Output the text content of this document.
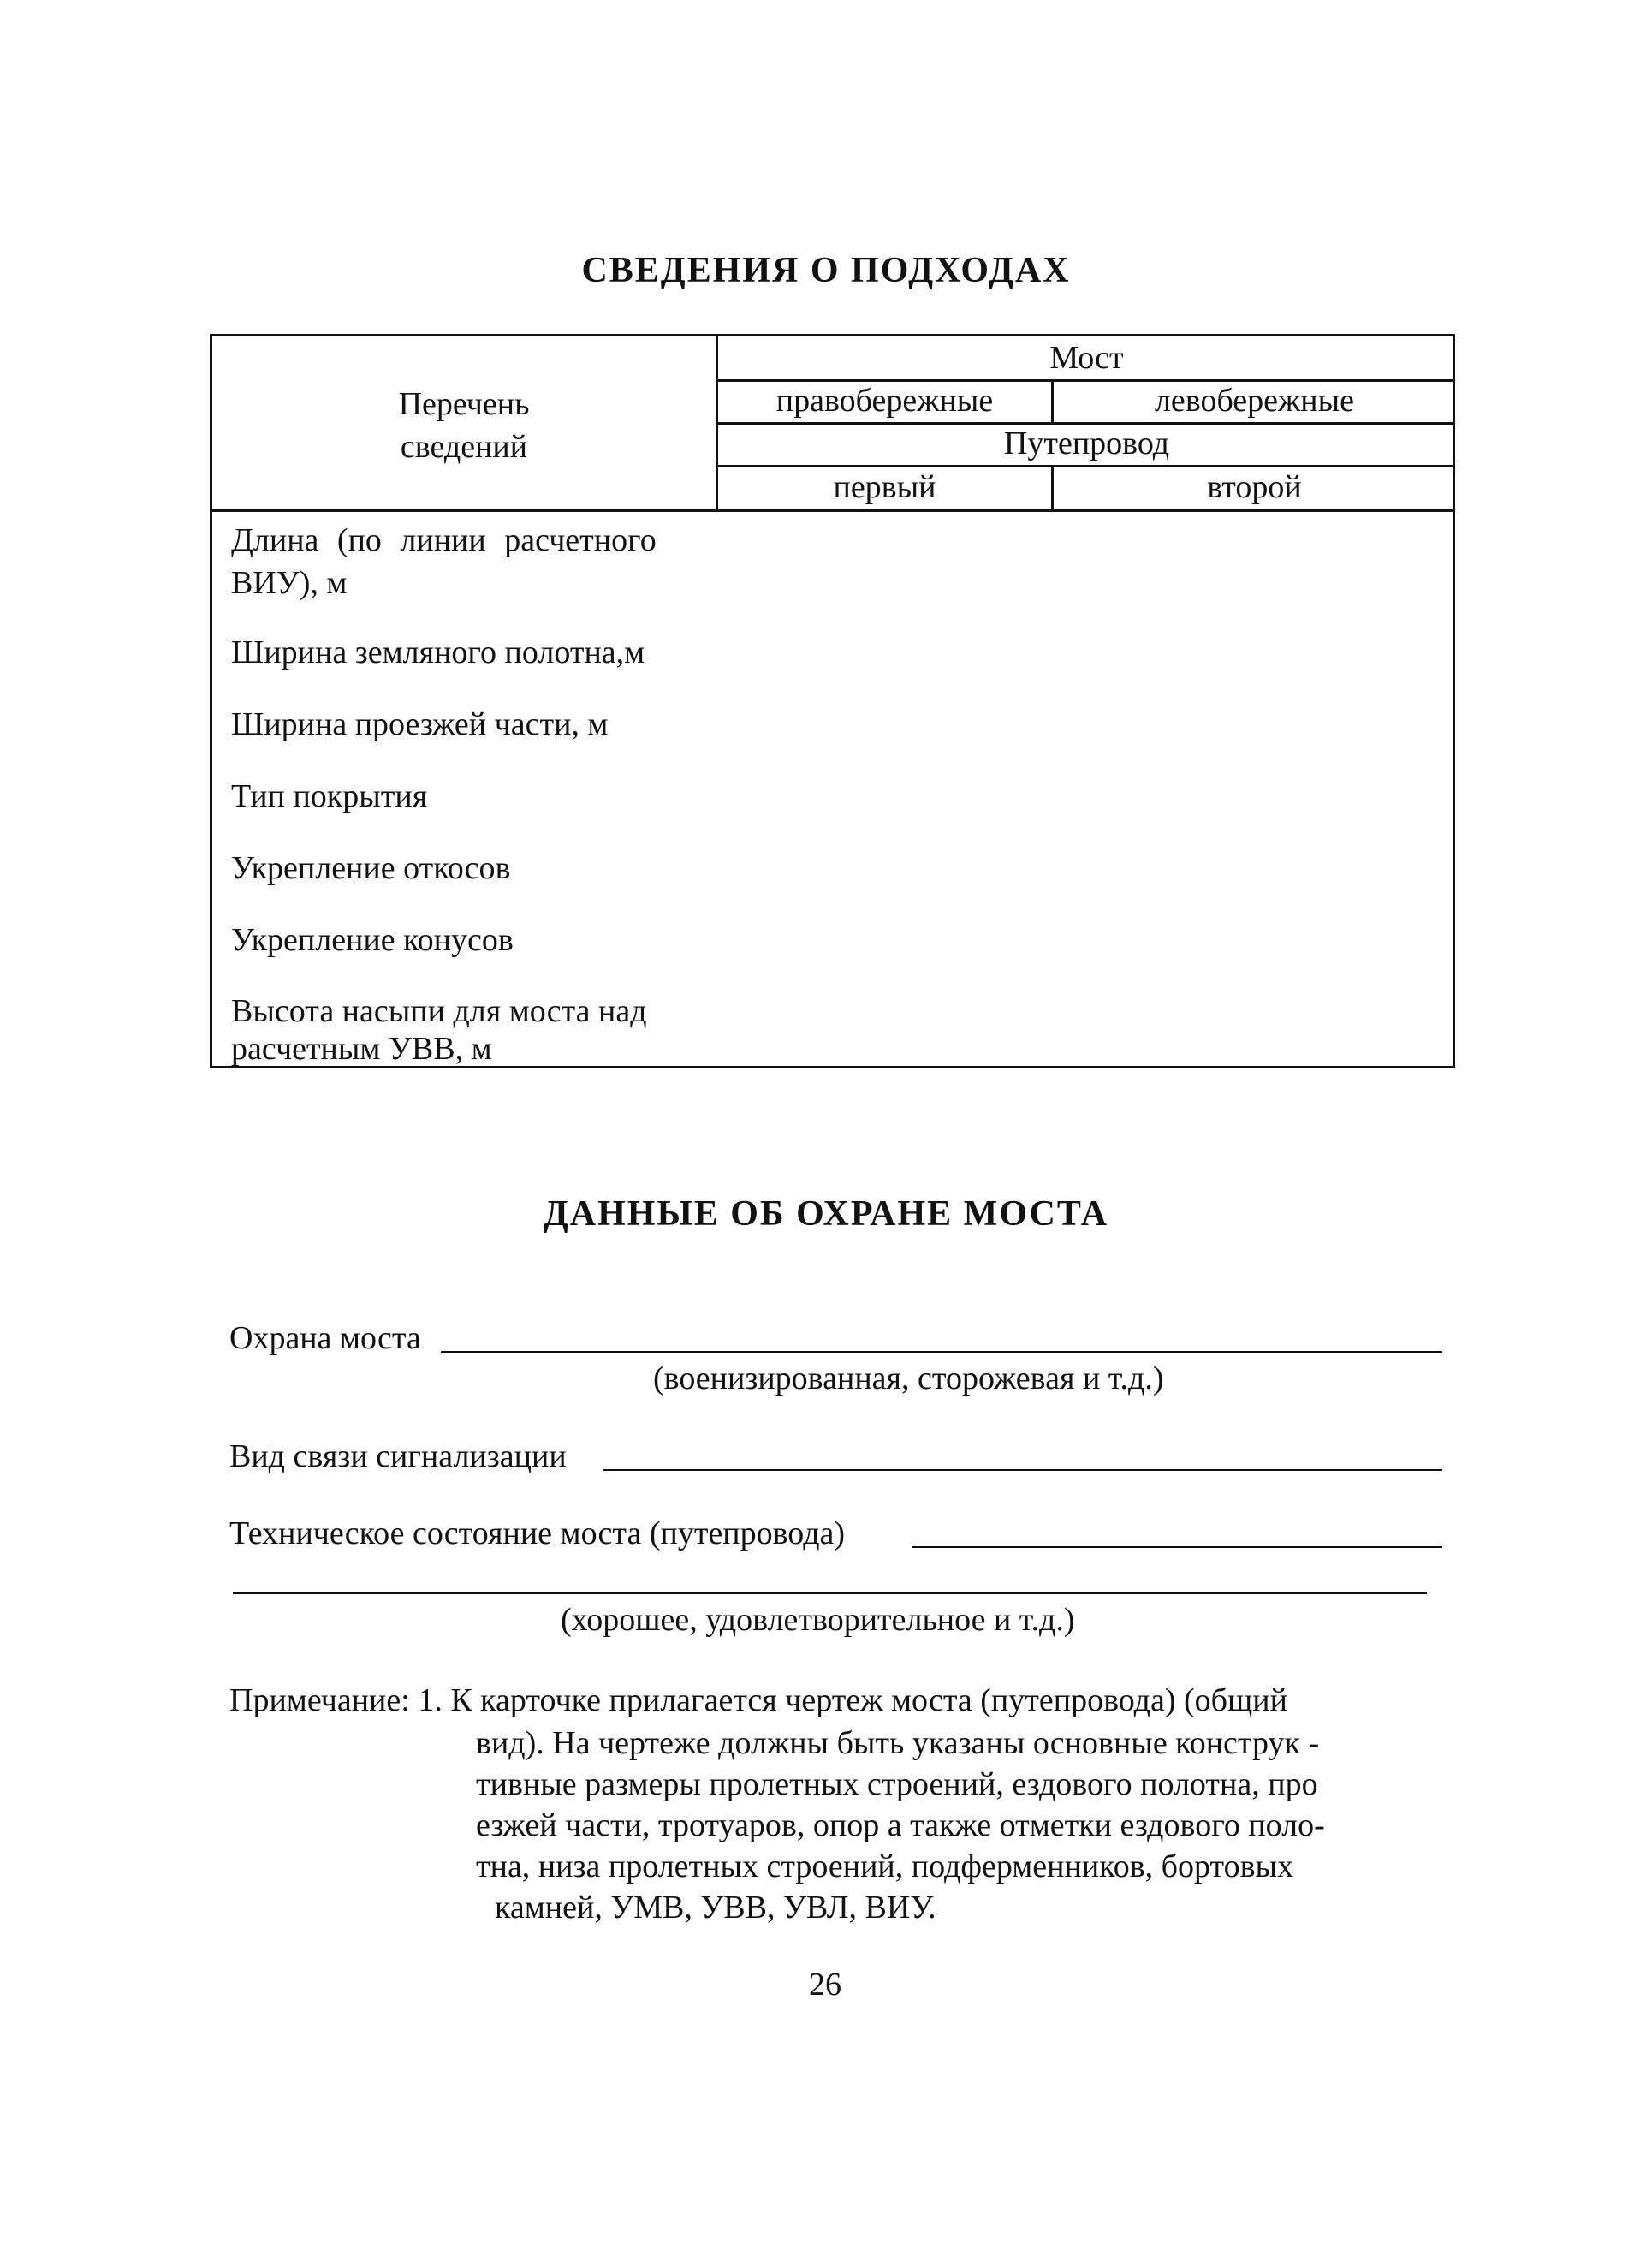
СВЕДЕНИЯ О ПОДХОДАХ
Перечень
сведений
Мост
правобережные	левобережные
Путепровод
первый	второй
Длина (по линии расчетного
ВИУ), м
Ширина земляного полотна,м
Ширина проезжей части, м
Тип покрытия
Укрепление откосов
Укрепление конусов
Высота насыпи для моста над
расчетным УВВ, м
ДАННЫЕ ОБ ОХРАНЕ МОСТА
Охрана моста
(военизированная, сторожевая и т.д.)
Вид связи сигнализации
Техническое состояние моста (путепровода)
(хорошее, удовлетворительное и т.д.)
Примечание: 1. К карточке прилагается чертеж моста (путепровода) (общий
вид). На чертеже должны быть указаны основные конструк -
тивные размеры пролетных строений, ездового полотна, про
езжей части, тротуаров, опор а также отметки ездового поло-
тна, низа пролетных строений, подферменников, бортовых
камней, УМВ, УВВ, УВЛ, ВИУ.
26
